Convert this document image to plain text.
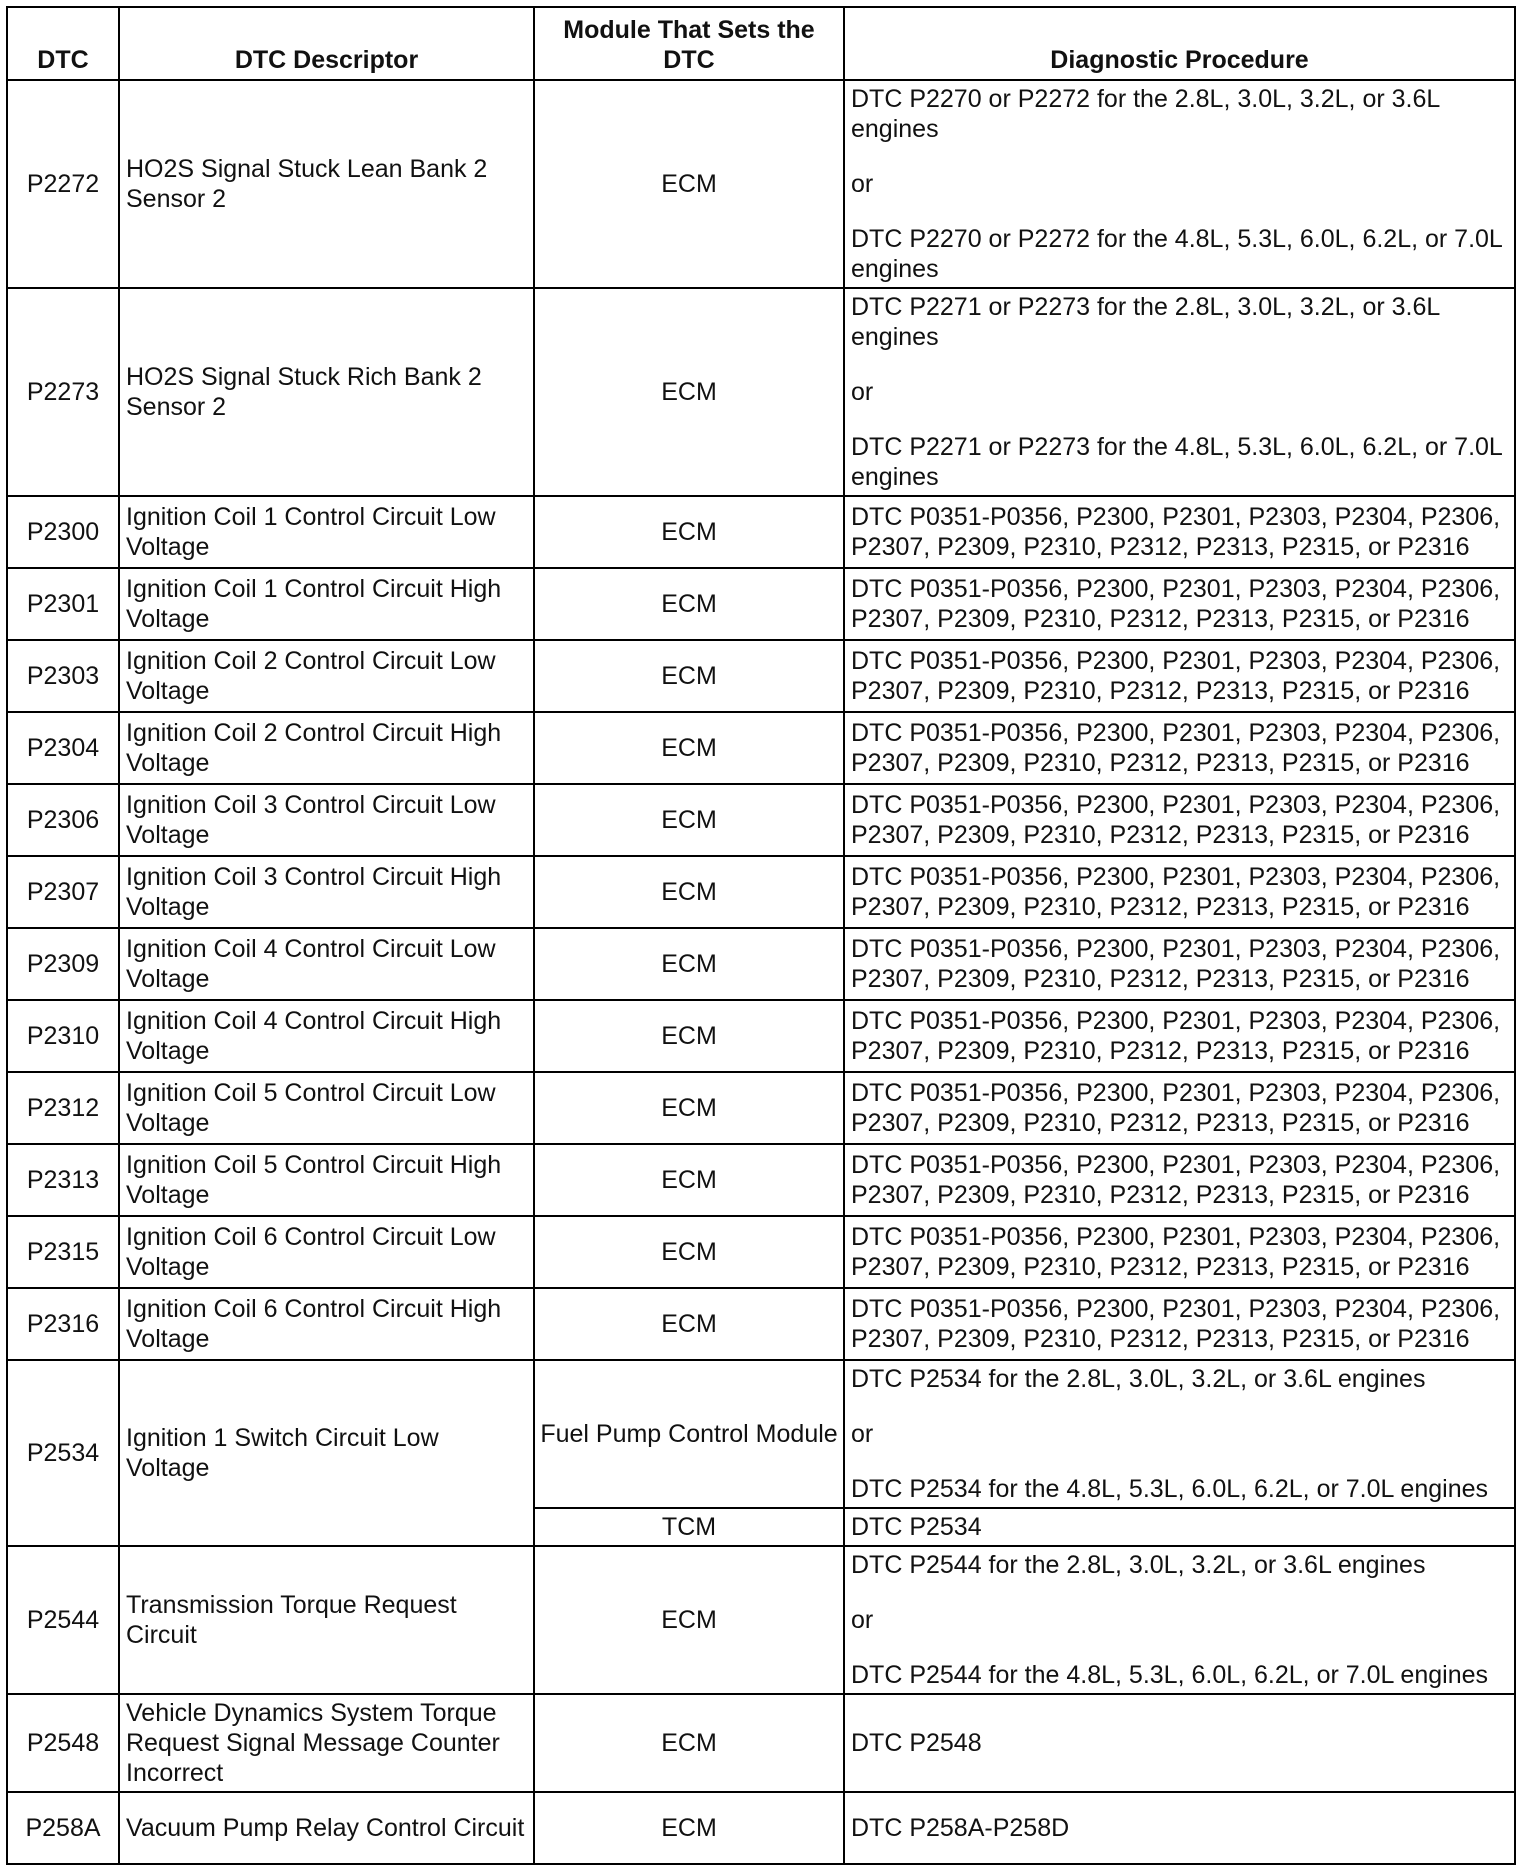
DTC	DTC Descriptor	Module That Sets the DTC	Diagnostic Procedure
P2272	HO2S Signal Stuck Lean Bank 2 Sensor 2	ECM	DTC P2270 or P2272 for the 2.8L, 3.0L, 3.2L, or 3.6L engines
or
DTC P2270 or P2272 for the 4.8L, 5.3L, 6.0L, 6.2L, or 7.0L engines

P2273	HO2S Signal Stuck Rich Bank 2 Sensor 2	ECM	DTC P2271 or P2273 for the 2.8L, 3.0L, 3.2L, or 3.6L engines
or
DTC P2271 or P2273 for the 4.8L, 5.3L, 6.0L, 6.2L, or 7.0L engines

P2300	Ignition Coil 1 Control Circuit Low Voltage	ECM	DTC P0351-P0356, P2300, P2301, P2303, P2304, P2306, P2307, P2309, P2310, P2312, P2313, P2315, or P2316

P2301	Ignition Coil 1 Control Circuit High Voltage	ECM	DTC P0351-P0356, P2300, P2301, P2303, P2304, P2306, P2307, P2309, P2310, P2312, P2313, P2315, or P2316

P2303	Ignition Coil 2 Control Circuit Low Voltage	ECM	DTC P0351-P0356, P2300, P2301, P2303, P2304, P2306, P2307, P2309, P2310, P2312, P2313, P2315, or P2316

P2304	Ignition Coil 2 Control Circuit High Voltage	ECM	DTC P0351-P0356, P2300, P2301, P2303, P2304, P2306, P2307, P2309, P2310, P2312, P2313, P2315, or P2316

P2306	Ignition Coil 3 Control Circuit Low Voltage	ECM	DTC P0351-P0356, P2300, P2301, P2303, P2304, P2306, P2307, P2309, P2310, P2312, P2313, P2315, or P2316

P2307	Ignition Coil 3 Control Circuit High Voltage	ECM	DTC P0351-P0356, P2300, P2301, P2303, P2304, P2306, P2307, P2309, P2310, P2312, P2313, P2315, or P2316

P2309	Ignition Coil 4 Control Circuit Low Voltage	ECM	DTC P0351-P0356, P2300, P2301, P2303, P2304, P2306, P2307, P2309, P2310, P2312, P2313, P2315, or P2316

P2310	Ignition Coil 4 Control Circuit High Voltage	ECM	DTC P0351-P0356, P2300, P2301, P2303, P2304, P2306, P2307, P2309, P2310, P2312, P2313, P2315, or P2316

P2312	Ignition Coil 5 Control Circuit Low Voltage	ECM	DTC P0351-P0356, P2300, P2301, P2303, P2304, P2306, P2307, P2309, P2310, P2312, P2313, P2315, or P2316

P2313	Ignition Coil 5 Control Circuit High Voltage	ECM	DTC P0351-P0356, P2300, P2301, P2303, P2304, P2306, P2307, P2309, P2310, P2312, P2313, P2315, or P2316

P2315	Ignition Coil 6 Control Circuit Low Voltage	ECM	DTC P0351-P0356, P2300, P2301, P2303, P2304, P2306, P2307, P2309, P2310, P2312, P2313, P2315, or P2316

P2316	Ignition Coil 6 Control Circuit High Voltage	ECM	DTC P0351-P0356, P2300, P2301, P2303, P2304, P2306, P2307, P2309, P2310, P2312, P2313, P2315, or P2316

P2534	Ignition 1 Switch Circuit Low Voltage	Fuel Pump Control Module	DTC P2534 for the 2.8L, 3.0L, 3.2L, or 3.6L engines
or
DTC P2534 for the 4.8L, 5.3L, 6.0L, 6.2L, or 7.0L engines

		TCM	DTC P2534

P2544	Transmission Torque Request Circuit	ECM	DTC P2544 for the 2.8L, 3.0L, 3.2L, or 3.6L engines
or
DTC P2544 for the 4.8L, 5.3L, 6.0L, 6.2L, or 7.0L engines

P2548	Vehicle Dynamics System Torque Request Signal Message Counter Incorrect	ECM	DTC P2548

P258A	Vacuum Pump Relay Control Circuit	ECM	DTC P258A-P258D
